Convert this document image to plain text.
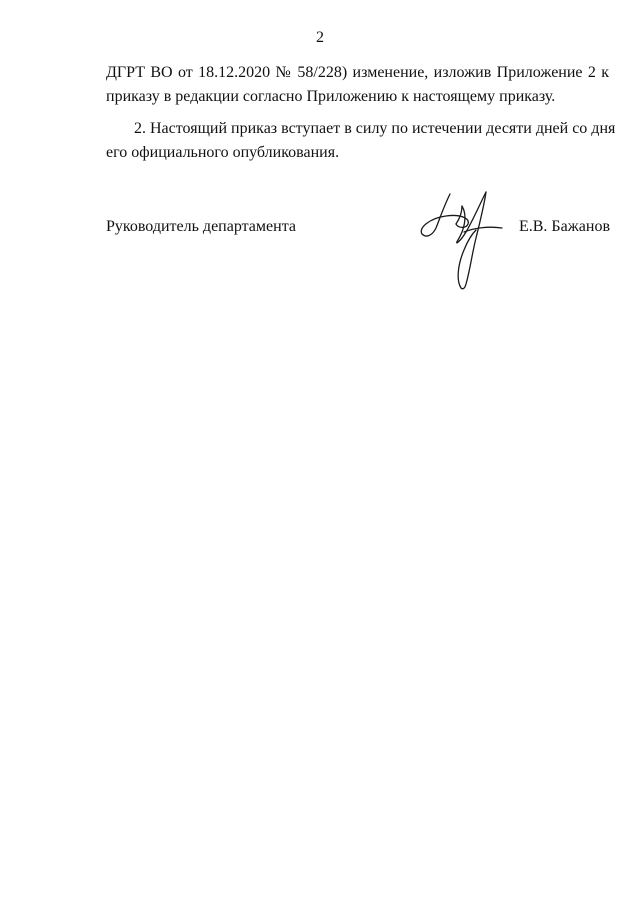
2
ДГРТ ВО от 18.12.2020 № 58/228) изменение, изложив Приложение 2 к
приказу в редакции согласно Приложению к настоящему приказу.
2. Настоящий приказ вступает в силу по истечении десяти дней со дня
его официального опубликования.
Руководитель департамента	Е.В. Бажанов
